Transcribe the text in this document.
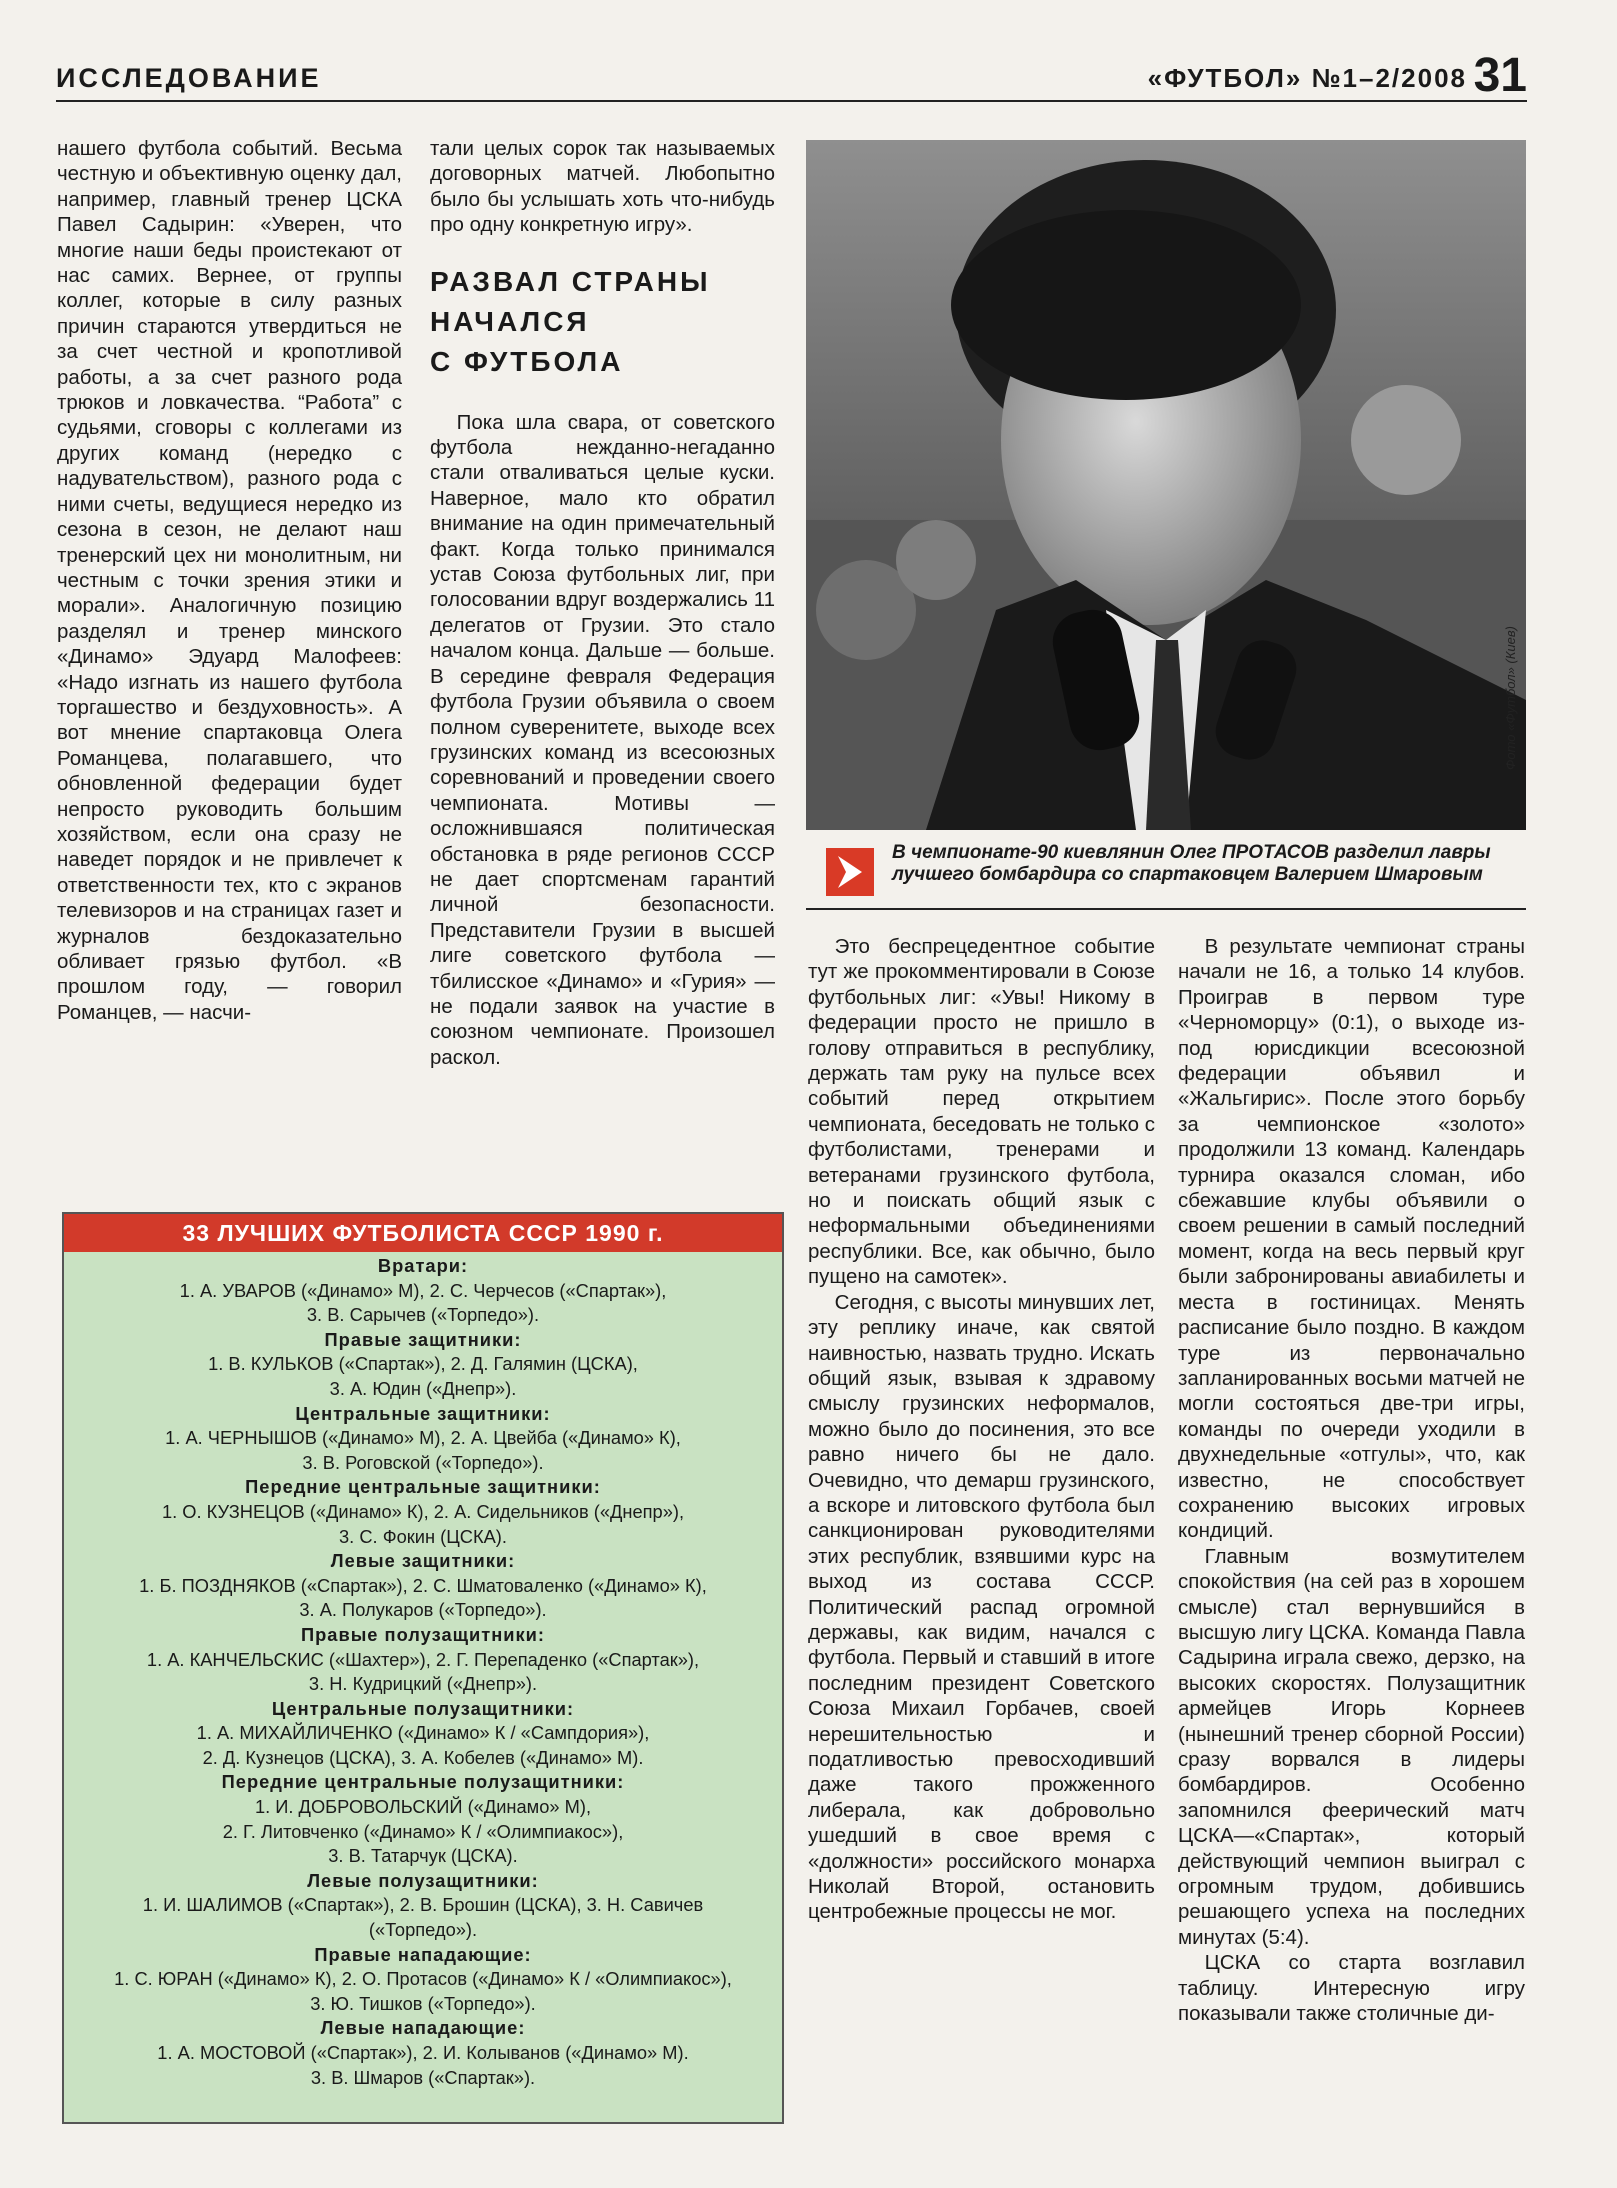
ИССЛЕДОВАНИЕ	«ФУТБОЛ» №1–2/2008 31

нашего футбола событий. Весьма честную и объективную оценку дал, например, главный тренер ЦСКА Павел Садырин: «Уверен, что многие наши беды проистекают от нас самих. Вернее, от группы коллег, которые в силу разных причин стараются утвердиться не за счет честной и кропотливой работы, а за счет разного рода трюков и ловкачества. “Работа” с судьями, сговоры с коллегами из других команд (нередко с надувательством), разного рода с ними счеты, ведущиеся нередко из сезона в сезон, не делают наш тренерский цех ни монолитным, ни честным с точки зрения этики и морали». Аналогичную позицию разделял и тренер минского «Динамо» Эдуард Малофеев: «Надо изгнать из нашего футбола торгашество и бездуховность». А вот мнение спартаковца Олега Романцева, полагавшего, что обновленной федерации будет непросто руководить большим хозяйством, если она сразу не наведет порядок и не привлечет к ответственности тех, кто с экранов телевизоров и на страницах газет и журналов бездоказательно обливает грязью футбол. «В прошлом году, — говорил Романцев, — насчи-

тали целых сорок так называемых договорных матчей. Любопытно было бы услышать хоть что-нибудь про одну конкретную игру».

РАЗВАЛ СТРАНЫ
НАЧАЛСЯ
С ФУТБОЛА

Пока шла свара, от советского футбола нежданно-негаданно стали отваливаться целые куски. Наверное, мало кто обратил внимание на один примечательный факт. Когда только принимался устав Союза футбольных лиг, при голосовании вдруг воздержались 11 делегатов от Грузии. Это стало началом конца. Дальше — больше. В середине февраля Федерация футбола Грузии объявила о своем полном суверенитете, выходе всех грузинских команд из всесоюзных соревнований и проведении своего чемпионата. Мотивы — осложнившаяся политическая обстановка в ряде регионов СССР не дает спортсменам гарантий личной безопасности. Представители Грузии в высшей лиге советского футбола — тбилисское «Динамо» и «Гурия» — не подали заявок на участие в союзном чемпионате. Произошел раскол.

Фото «Футбол» (Киев)
В чемпионате-90 киевлянин Олег ПРОТАСОВ разделил лавры лучшего бомбардира со спартаковцем Валерием Шмаровым

Это беспрецедентное событие тут же прокомментировали в Союзе футбольных лиг: «Увы! Никому в федерации просто не пришло в голову отправиться в республику, держать там руку на пульсе всех событий перед открытием чемпионата, беседовать не только с футболистами, тренерами и ветеранами грузинского футбола, но и поискать общий язык с неформальными объединениями республики. Все, как обычно, было пущено на самотек».

Сегодня, с высоты минувших лет, эту реплику иначе, как святой наивностью, назвать трудно. Искать общий язык, взывая к здравому смыслу грузинских неформалов, можно было до посинения, это все равно ничего бы не дало. Очевидно, что демарш грузинского, а вскоре и литовского футбола был санкционирован руководителями этих республик, взявшими курс на выход из состава СССР. Политический распад огромной державы, как видим, начался с футбола. Первый и ставший в итоге последним президент Советского Союза Михаил Горбачев, своей нерешительностью и податливостью превосходивший даже такого прожженного либерала, как добровольно ушедший в свое время с «должности» российского монарха Николай Второй, остановить центробежные процессы не мог.

В результате чемпионат страны начали не 16, а только 14 клубов. Проиграв в первом туре «Черноморцу» (0:1), о выходе из-под юрисдикции всесоюзной федерации объявил и «Жальгирис». После этого борьбу за чемпионское «золото» продолжили 13 команд. Календарь турнира оказался сломан, ибо сбежавшие клубы объявили о своем решении в самый последний момент, когда на весь первый круг были забронированы авиабилеты и места в гостиницах. Менять расписание было поздно. В каждом туре из первоначально запланированных восьми матчей не могли состояться две-три игры, команды по очереди уходили в двухнедельные «отгулы», что, как известно, не способствует сохранению высоких игровых кондиций.

Главным возмутителем спокойствия (на сей раз в хорошем смысле) стал вернувшийся в высшую лигу ЦСКА. Команда Павла Садырина играла свежо, дерзко, на высоких скоростях. Полузащитник армейцев Игорь Корнеев (нынешний тренер сборной России) сразу ворвался в лидеры бомбардиров. Особенно запомнился феерический матч ЦСКА—«Спартак», который действующий чемпион выиграл с огромным трудом, добившись решающего успеха на последних минутах (5:4).

ЦСКА со старта возглавил таблицу. Интересную игру показывали также столичные ди-

33 ЛУЧШИХ ФУТБОЛИСТА СССР 1990 г.
Вратари:
1. А. УВАРОВ («Динамо» М), 2. С. Черчесов («Спартак»),
3. В. Сарычев («Торпедо»).
Правые защитники:
1. В. КУЛЬКОВ («Спартак»), 2. Д. Галямин (ЦСКА),
3. А. Юдин («Днепр»).
Центральные защитники:
1. А. ЧЕРНЫШОВ («Динамо» М), 2. А. Цвейба («Динамо» К),
3. В. Роговской («Торпедо»).
Передние центральные защитники:
1. О. КУЗНЕЦОВ («Динамо» К), 2. А. Сидельников («Днепр»),
3. С. Фокин (ЦСКА).
Левые защитники:
1. Б. ПОЗДНЯКОВ («Спартак»), 2. С. Шматоваленко («Динамо» К),
3. А. Полукаров («Торпедо»).
Правые полузащитники:
1. А. КАНЧЕЛЬСКИС («Шахтер»), 2. Г. Перепаденко («Спартак»),
3. Н. Кудрицкий («Днепр»).
Центральные полузащитники:
1. А. МИХАЙЛИЧЕНКО («Динамо» К / «Сампдория»),
2. Д. Кузнецов (ЦСКА), 3. А. Кобелев («Динамо» М).
Передние центральные полузащитники:
1. И. ДОБРОВОЛЬСКИЙ («Динамо» М),
2. Г. Литовченко («Динамо» К / «Олимпиакос»),
3. В. Татарчук (ЦСКА).
Левые полузащитники:
1. И. ШАЛИМОВ («Спартак»), 2. В. Брошин (ЦСКА), 3. Н. Савичев
(«Торпедо»).
Правые нападающие:
1. С. ЮРАН («Динамо» К), 2. О. Протасов («Динамо» К / «Олимпиакос»),
3. Ю. Тишков («Торпедо»).
Левые нападающие:
1. А. МОСТОВОЙ («Спартак»), 2. И. Колыванов («Динамо» М).
3. В. Шмаров («Спартак»).
